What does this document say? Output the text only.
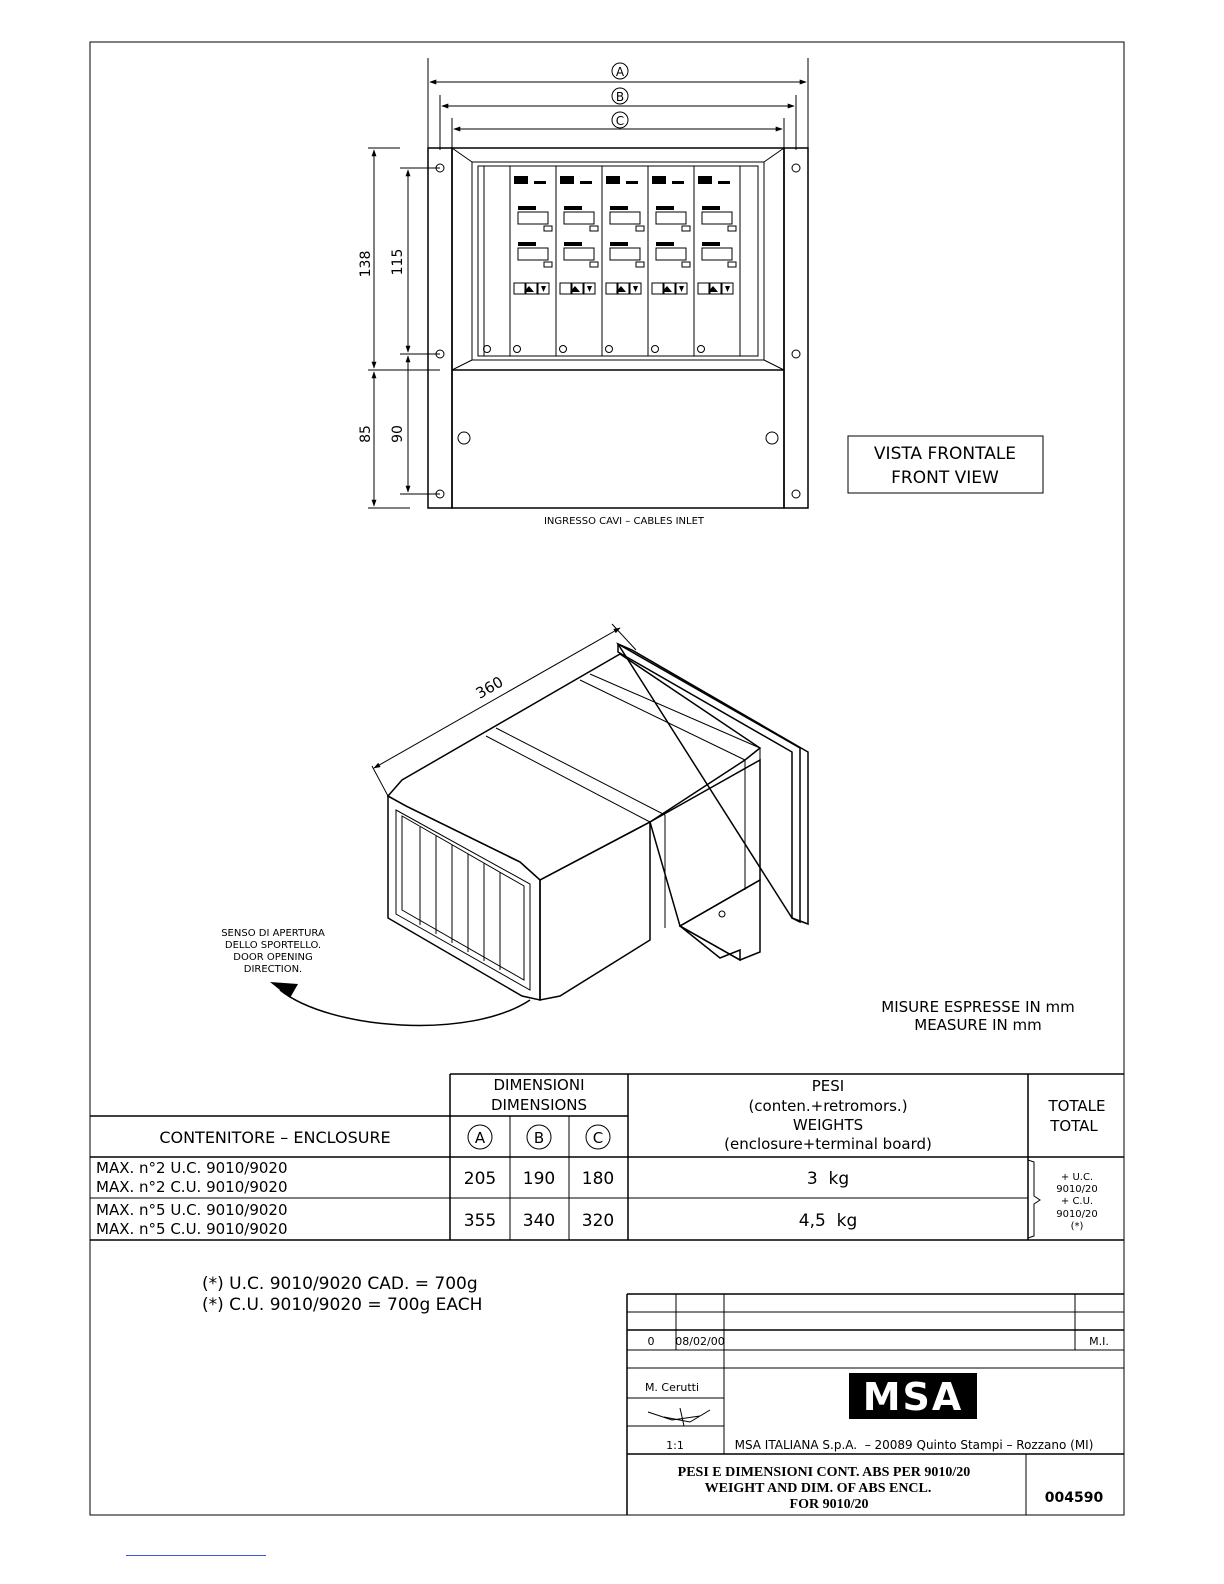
A
B
C
138 115
85 90
INGRESSO CAVI – CABLES INLET
VISTA FRONTALE
FRONT VIEW
360
SENSO DI APERTURA
DELLO SPORTELLO.
DOOR OPENING
DIRECTION.
MISURE ESPRESSE IN mm
MEASURE IN mm
DIMENSIONI
DIMENSIONS
PESI
(conten.+retromors.)
WEIGHTS
(enclosure+terminal board)
TOTALE
TOTAL
CONTENITORE – ENCLOSURE	A	B	C
MAX. n°2 U.C. 9010/9020
MAX. n°2 C.U. 9010/9020	205 190 180	3  kg
MAX. n°5 U.C. 9010/9020
MAX. n°5 C.U. 9010/9020	355 340 320	4,5  kg
+ U.C.
9010/20
+ C.U.
9010/20
(*)
(*) U.C. 9010/9020 CAD. = 700g
(*) C.U. 9010/9020 = 700g EACH
0 08/02/00	M.I.
M. Cerutti
1:1
MSA
MSA ITALIANA S.p.A.  – 20089 Quinto Stampi – Rozzano (MI)
PESI E DIMENSIONI CONT. ABS PER 9010/20
WEIGHT AND DIM. OF ABS ENCL.
FOR 9010/20	004590
